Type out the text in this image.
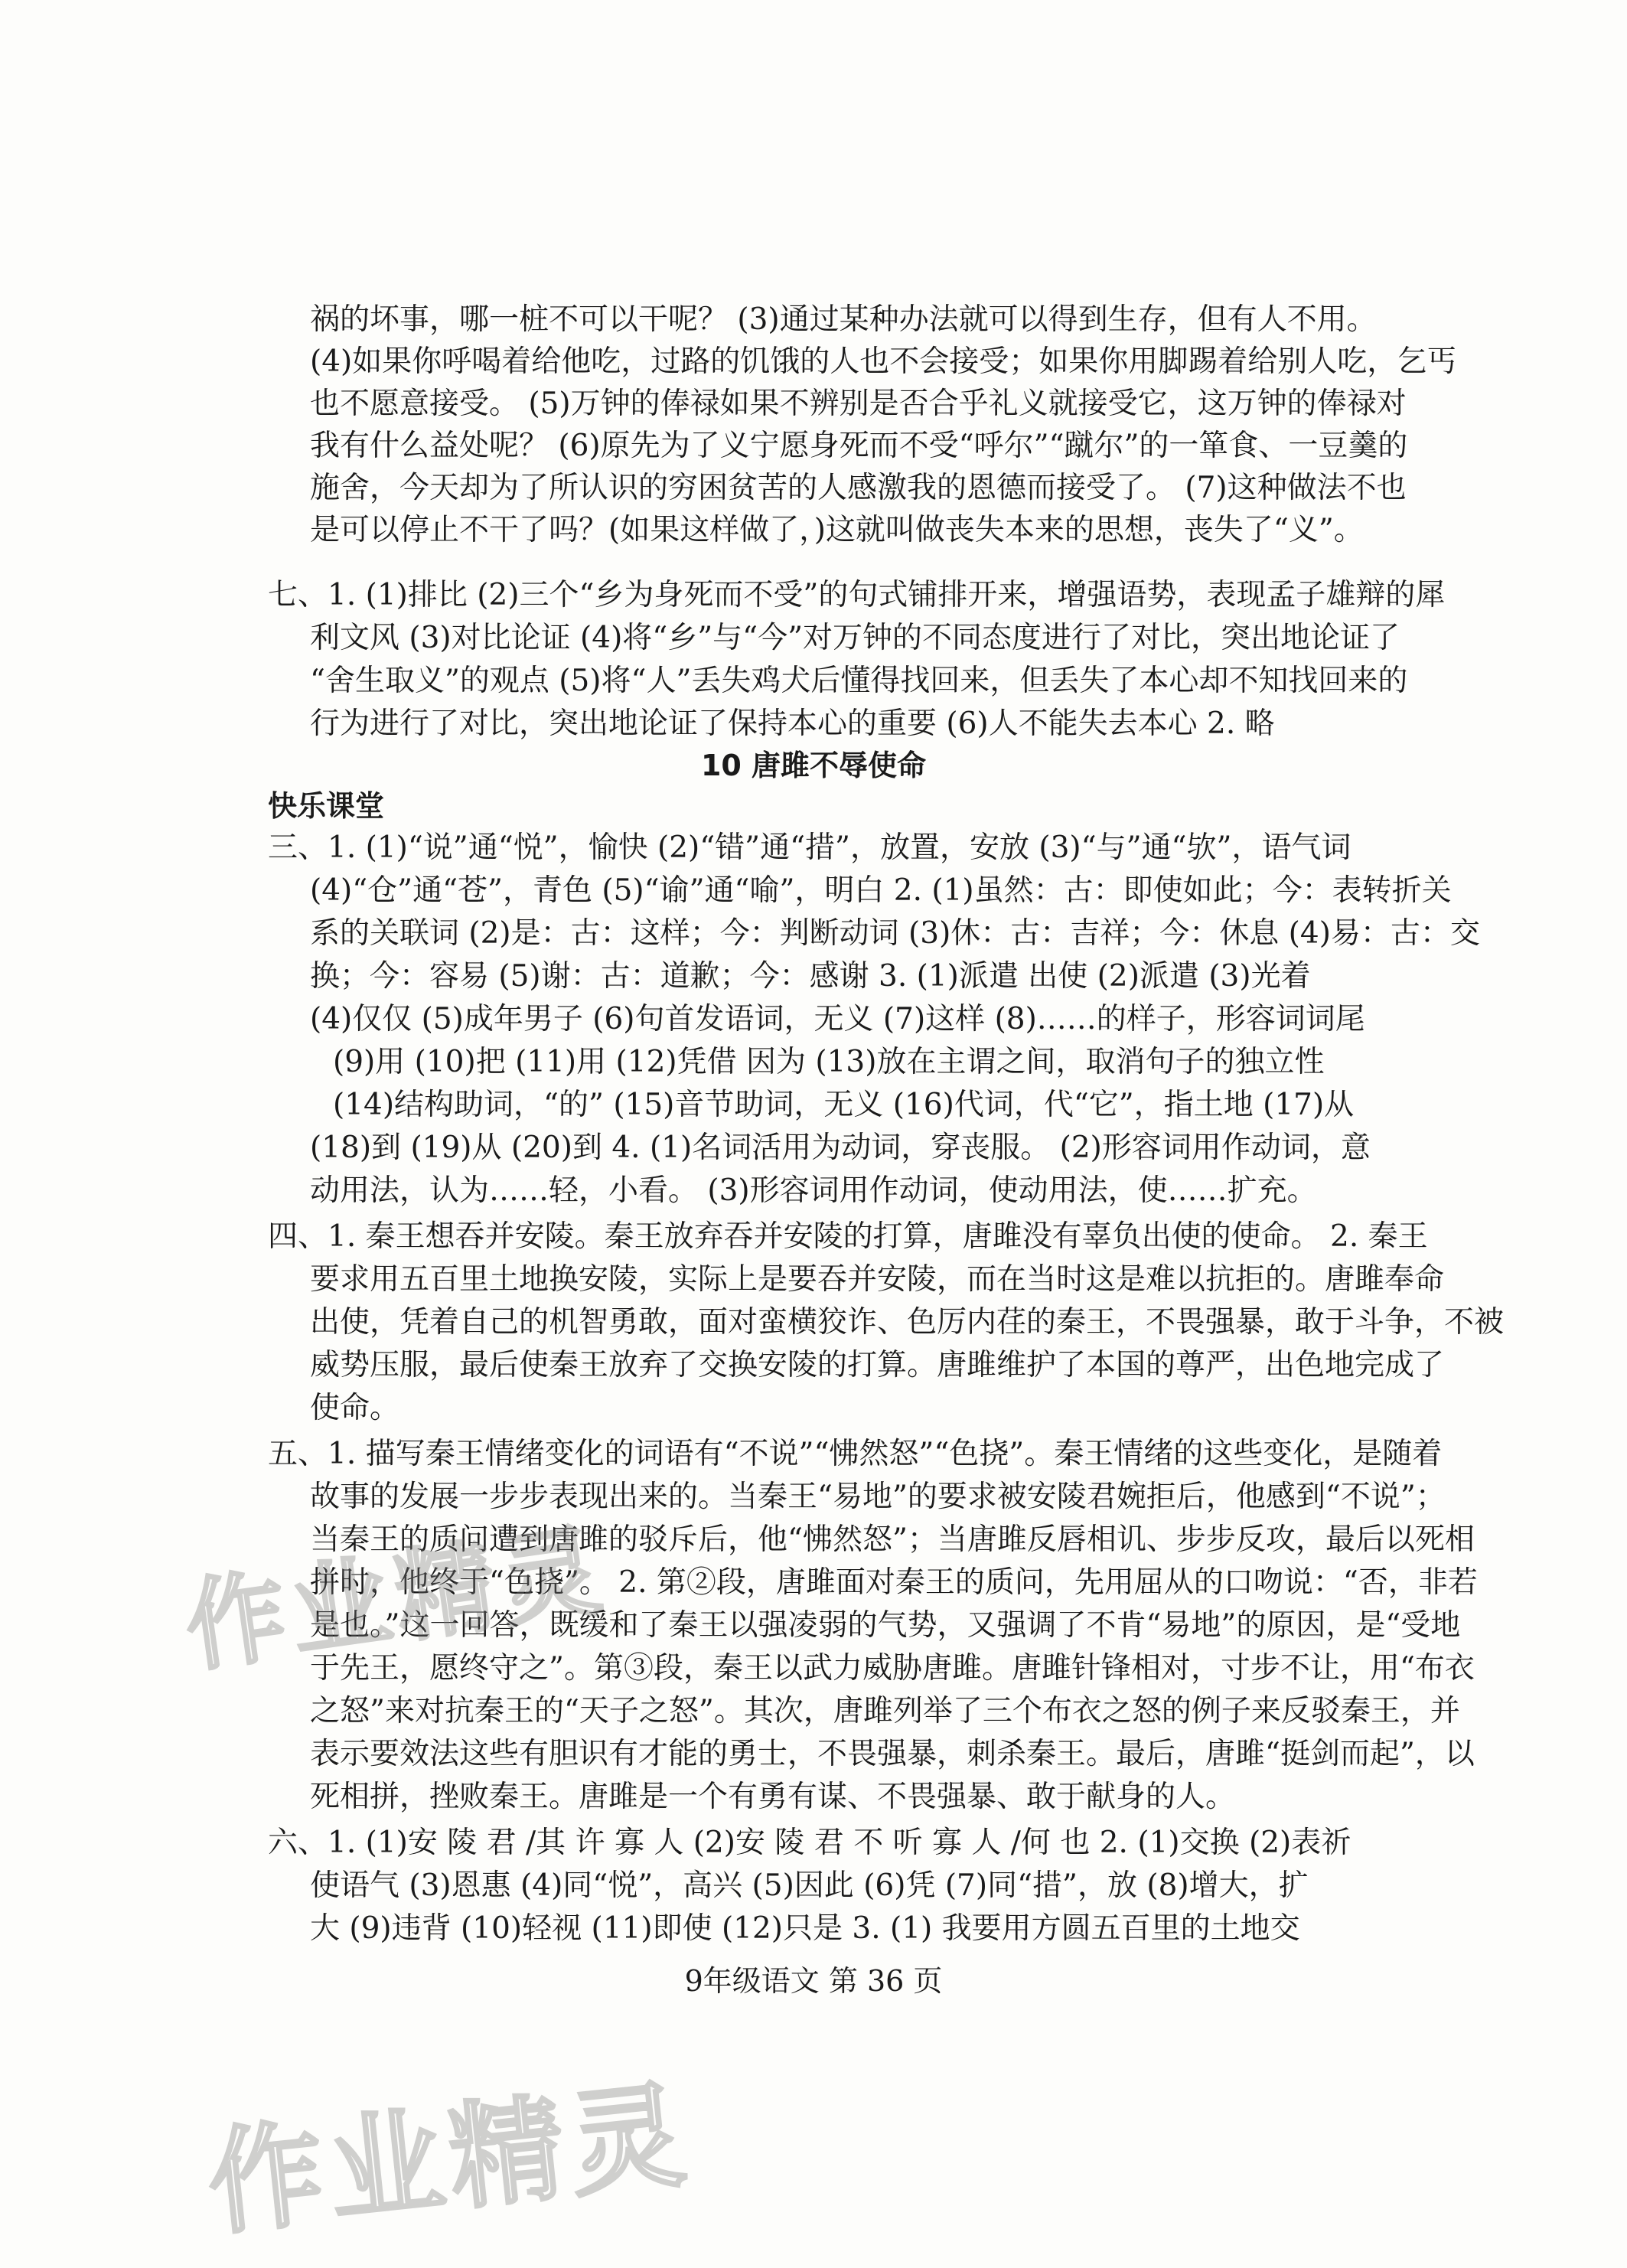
祸的坏事，哪一桩不可以干呢？ (3)通过某种办法就可以得到生存，但有人不用。
(4)如果你呼喝着给他吃，过路的饥饿的人也不会接受；如果你用脚踢着给别人吃，乞丐
也不愿意接受。 (5)万钟的俸禄如果不辨别是否合乎礼义就接受它，这万钟的俸禄对
我有什么益处呢？ (6)原先为了义宁愿身死而不受“呼尔”“蹴尔”的一箪食、一豆羹的
施舍，今天却为了所认识的穷困贫苦的人感激我的恩德而接受了。 (7)这种做法不也
是可以停止不干了吗？(如果这样做了，)这就叫做丧失本来的思想，丧失了“义”。
七、1. (1)排比 (2)三个“乡为身死而不受”的句式铺排开来，增强语势，表现孟子雄辩的犀
利文风 (3)对比论证 (4)将“乡”与“今”对万钟的不同态度进行了对比，突出地论证了
“舍生取义”的观点 (5)将“人”丢失鸡犬后懂得找回来，但丢失了本心却不知找回来的
行为进行了对比，突出地论证了保持本心的重要 (6)人不能失去本心 2. 略
10 唐雎不辱使命
快乐课堂
三、1. (1)“说”通“悦”，愉快 (2)“错”通“措”，放置，安放 (3)“与”通“欤”，语气词
(4)“仓”通“苍”，青色 (5)“谕”通“喻”，明白 2. (1)虽然：古：即使如此；今：表转折关
系的关联词 (2)是：古：这样；今：判断动词 (3)休：古：吉祥；今：休息 (4)易：古：交
换；今：容易 (5)谢：古：道歉；今：感谢 3. (1)派遣 出使 (2)派遣 (3)光着
(4)仅仅 (5)成年男子 (6)句首发语词，无义 (7)这样 (8)……的样子，形容词词尾
(9)用 (10)把 (11)用 (12)凭借 因为 (13)放在主谓之间，取消句子的独立性
(14)结构助词，“的” (15)音节助词，无义 (16)代词，代“它”，指土地 (17)从
(18)到 (19)从 (20)到 4. (1)名词活用为动词，穿丧服。 (2)形容词用作动词，意
动用法，认为……轻，小看。 (3)形容词用作动词，使动用法，使……扩充。
四、1. 秦王想吞并安陵。秦王放弃吞并安陵的打算，唐雎没有辜负出使的使命。 2. 秦王
要求用五百里土地换安陵，实际上是要吞并安陵，而在当时这是难以抗拒的。唐雎奉命
出使，凭着自己的机智勇敢，面对蛮横狡诈、色厉内荏的秦王，不畏强暴，敢于斗争，不被
威势压服，最后使秦王放弃了交换安陵的打算。唐雎维护了本国的尊严，出色地完成了
使命。
五、1. 描写秦王情绪变化的词语有“不说”“怫然怒”“色挠”。秦王情绪的这些变化，是随着
故事的发展一步步表现出来的。当秦王“易地”的要求被安陵君婉拒后，他感到“不说”；
当秦王的质问遭到唐雎的驳斥后，他“怫然怒”；当唐雎反唇相讥、步步反攻，最后以死相
拼时，他终于“色挠”。 2. 第②段，唐雎面对秦王的质问，先用屈从的口吻说：“否，非若
是也。”这一回答，既缓和了秦王以强凌弱的气势，又强调了不肯“易地”的原因，是“受地
于先王，愿终守之”。第③段，秦王以武力威胁唐雎。唐雎针锋相对，寸步不让，用“布衣
之怒”来对抗秦王的“天子之怒”。其次，唐雎列举了三个布衣之怒的例子来反驳秦王，并
表示要效法这些有胆识有才能的勇士，不畏强暴，刺杀秦王。最后，唐雎“挺剑而起”，以
死相拼，挫败秦王。唐雎是一个有勇有谋、不畏强暴、敢于献身的人。
六、1. (1)安 陵 君 /其 许 寡 人 (2)安 陵 君 不 听 寡 人 /何 也 2. (1)交换 (2)表祈
使语气 (3)恩惠 (4)同“悦”，高兴 (5)因此 (6)凭 (7)同“措”，放 (8)增大，扩
大 (9)违背 (10)轻视 (11)即使 (12)只是 3. (1) 我要用方圆五百里的土地交
9年级语文 第 36 页
作业精灵
作业精灵
